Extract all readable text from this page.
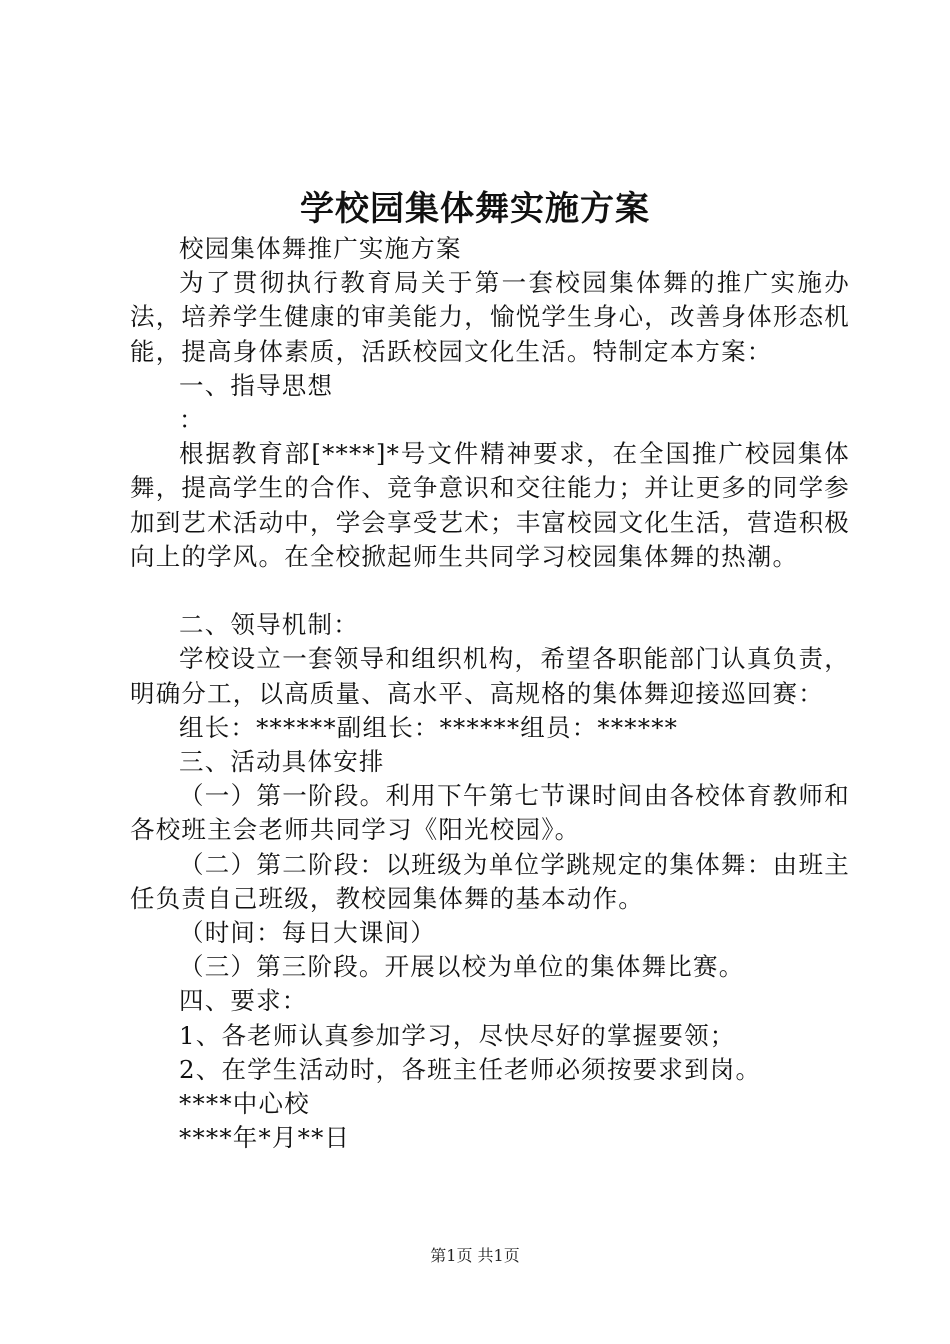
学校园集体舞实施方案

校园集体舞推广实施方案

为了贯彻执行教育局关于第一套校园集体舞的推广实施办法，培养学生健康的审美能力，愉悦学生身心，改善身体形态机能，提高身体素质，活跃校园文化生活。特制定本方案：

一、指导思想

：

根据教育部[****]*号文件精神要求，在全国推广校园集体舞，提高学生的合作、竞争意识和交往能力；并让更多的同学参加到艺术活动中，学会享受艺术；丰富校园文化生活，营造积极向上的学风。在全校掀起师生共同学习校园集体舞的热潮。

二、领导机制：

学校设立一套领导和组织机构，希望各职能部门认真负责，明确分工，以高质量、高水平、高规格的集体舞迎接巡回赛：

组长：******副组长：******组员：******

三、活动具体安排

（一）第一阶段。利用下午第七节课时间由各校体育教师和各校班主会老师共同学习《阳光校园》。

（二）第二阶段：以班级为单位学跳规定的集体舞：由班主任负责自己班级，教校园集体舞的基本动作。

（时间：每日大课间）

（三）第三阶段。开展以校为单位的集体舞比赛。

四、要求：

1、各老师认真参加学习，尽快尽好的掌握要领；

2、在学生活动时，各班主任老师必须按要求到岗。

****中心校

****年*月**日

第1页 共1页
